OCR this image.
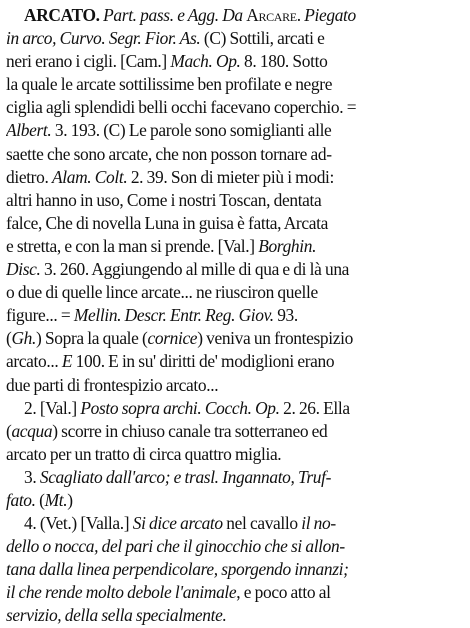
ARCATO. Part. pass. e Agg. Da Arcare. Piegato
in arco, Curvo. Segr. Fior. As. (C) Sottili, arcati e
neri erano i cigli. [Cam.] Mach. Op. 8. 180. Sotto
la quale le arcate sottilissime ben profilate e negre
ciglia agli splendidi belli occhi facevano coperchio. =
Albert. 3. 193. (C) Le parole sono somiglianti alle
saette che sono arcate, che non posson tornare ad-
dietro. Alam. Colt. 2. 39. Son di mieter più i modi:
altri hanno in uso, Come i nostri Toscan, dentata
falce, Che di novella Luna in guisa è fatta, Arcata
e stretta, e con la man si prende. [Val.] Borghin.
Disc. 3. 260. Aggiungendo al mille di qua e di là una
o due di quelle lince arcate... ne riusciron quelle
figure... = Mellin. Descr. Entr. Reg. Giov. 93.
(Gh.) Sopra la quale (cornice) veniva un frontespizio
arcato... E 100. E in su' diritti de' modiglioni erano
due parti di frontespizio arcato...
2. [Val.] Posto sopra archi. Cocch. Op. 2. 26. Ella
(acqua) scorre in chiuso canale tra sotterraneo ed
arcato per un tratto di circa quattro miglia.
3. Scagliato dall'arco; e trasl. Ingannato, Truf-
fato. (Mt.)
4. (Vet.) [Valla.] Si dice arcato nel cavallo il no-
dello o nocca, del pari che il ginocchio che si allon-
tana dalla linea perpendicolare, sporgendo innanzi;
il che rende molto debole l'animale, e poco atto al
servizio, della sella specialmente.
